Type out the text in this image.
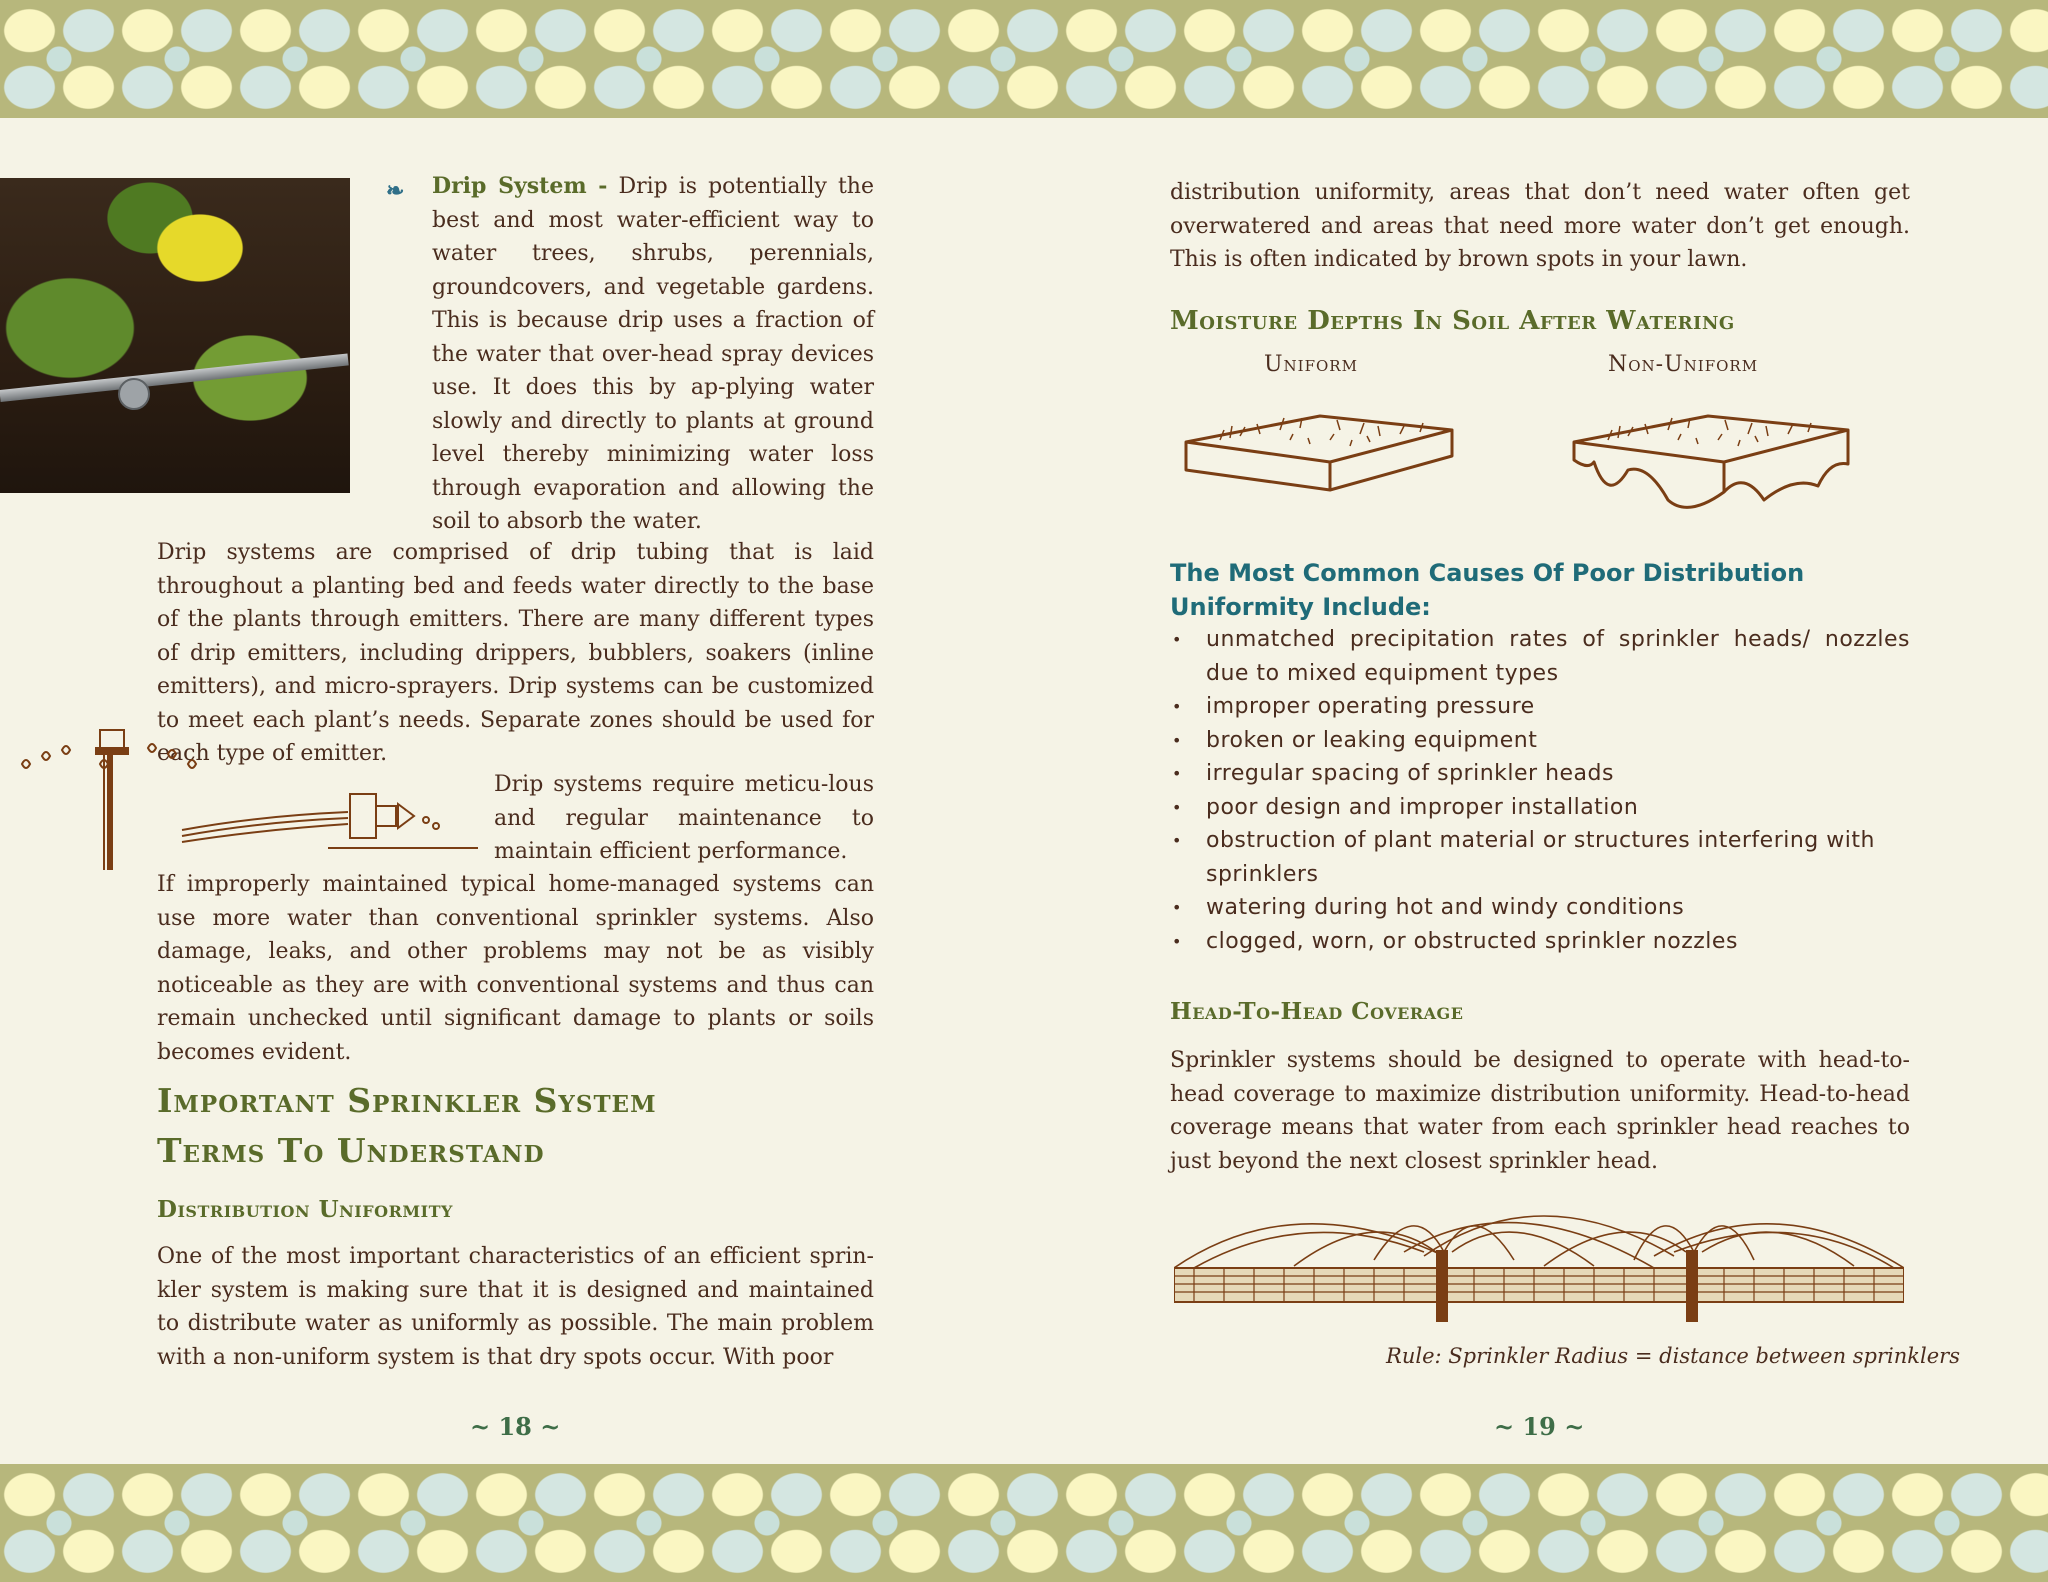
❧ Drip System - Drip is potentially the best and most water-efficient way to water trees, shrubs, perennials, groundcovers, and vegetable gardens. This is because drip uses a fraction of the water that over-head spray devices use. It does this by ap-plying water slowly and directly to plants at ground level thereby minimizing water loss through evaporation and allowing the soil to absorb the water.

Drip systems are comprised of drip tubing that is laid throughout a planting bed and feeds water directly to the base of the plants through emitters. There are many different types of drip emitters, including drippers, bubblers, soakers (inline emitters), and micro-sprayers. Drip systems can be customized to meet each plant’s needs. Separate zones should be used for each type of emitter.

Drip systems require meticu-lous and regular maintenance to maintain efficient performance.

If improperly maintained typical home-managed systems can use more water than conventional sprinkler systems. Also damage, leaks, and other problems may not be as visibly noticeable as they are with conventional systems and thus can remain unchecked until significant damage to plants or soils becomes evident.

Important Sprinkler System
Terms To Understand
Distribution Uniformity

One of the most important characteristics of an efficient sprin-kler system is making sure that it is designed and maintained to distribute water as uniformly as possible. The main problem with a non-uniform system is that dry spots occur. With poor

~ 18 ~

distribution uniformity, areas that don’t need water often get overwatered and areas that need more water don’t get enough. This is often indicated by brown spots in your lawn.

Moisture Depths In Soil After Watering
Uniform	Non-Uniform
The Most Common Causes Of Poor Distribution
Uniformity Include:
• unmatched precipitation rates of sprinkler heads/ nozzles due to mixed equipment types
• improper operating pressure
• broken or leaking equipment
• irregular spacing of sprinkler heads
• poor design and improper installation
• obstruction of plant material or structures interfering with sprinklers
• watering during hot and windy conditions
• clogged, worn, or obstructed sprinkler nozzles
Head-To-Head Coverage

Sprinkler systems should be designed to operate with head-to-head coverage to maximize distribution uniformity. Head-to-head coverage means that water from each sprinkler head reaches to just beyond the next closest sprinkler head.

Rule: Sprinkler Radius = distance between sprinklers
~ 19 ~
